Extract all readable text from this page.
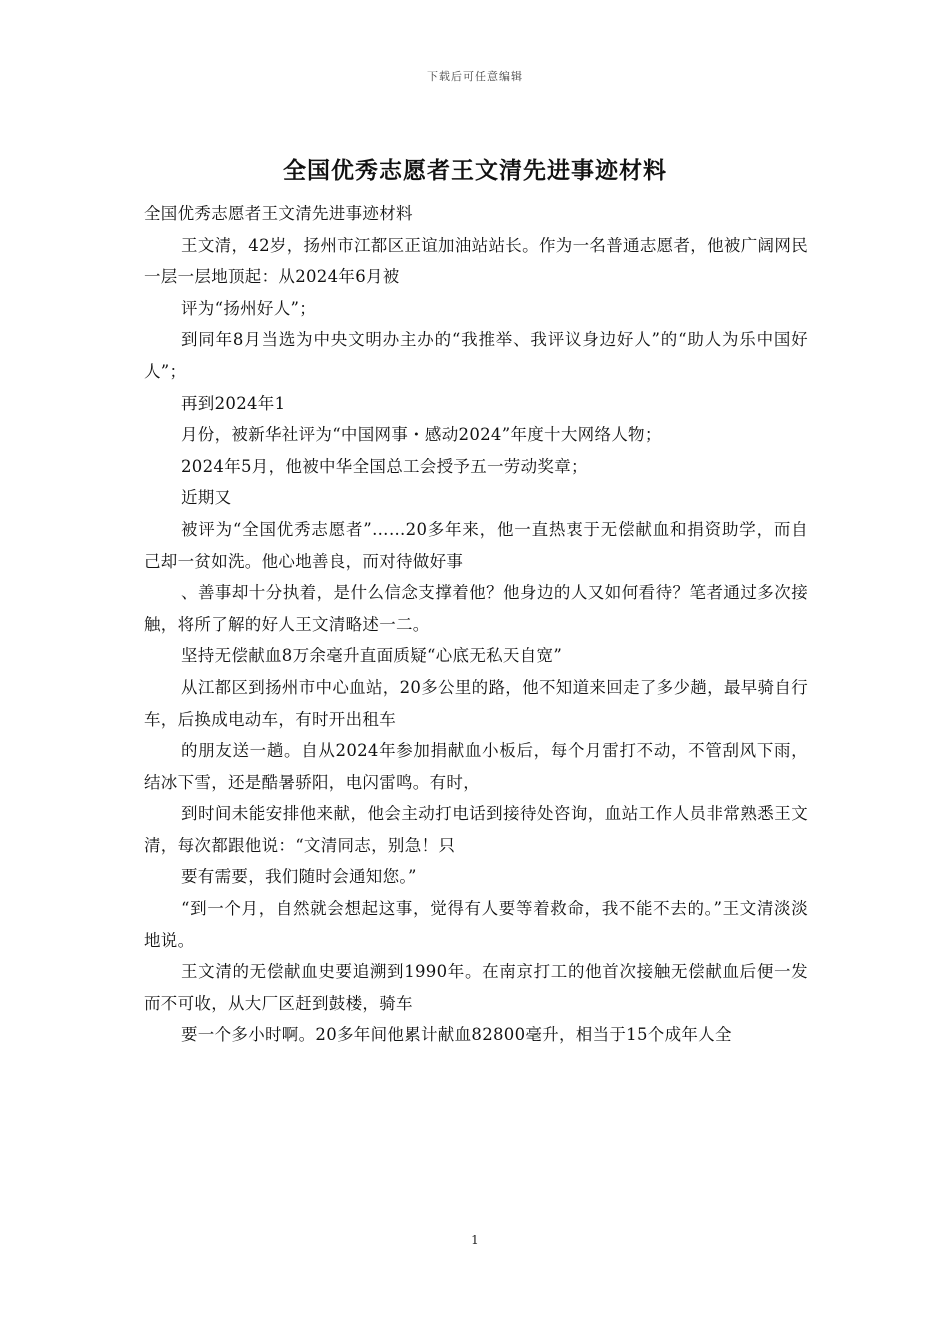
下载后可任意编辑
全国优秀志愿者王文清先进事迹材料

全国优秀志愿者王文清先进事迹材料

王文清，42岁，扬州市江都区正谊加油站站长。作为一名普通志愿者，他被广阔网民一层一层地顶起：从2024年6月被

评为“扬州好人”；

到同年8月当选为中央文明办主办的“我推举、我评议身边好人”的“助人为乐中国好人”；

再到2024年1

月份，被新华社评为“中国网事・感动2024”年度十大网络人物；

2024年5月，他被中华全国总工会授予五一劳动奖章；

近期又

被评为“全国优秀志愿者”……20多年来，他一直热衷于无偿献血和捐资助学，而自己却一贫如洗。他心地善良，而对待做好事

、善事却十分执着，是什么信念支撑着他？他身边的人又如何看待？笔者通过多次接触，将所了解的好人王文清略述一二。

坚持无偿献血8万余毫升直面质疑“心底无私天自宽”

从江都区到扬州市中心血站，20多公里的路，他不知道来回走了多少趟，最早骑自行车，后换成电动车，有时开出租车

的朋友送一趟。自从2024年参加捐献血小板后，每个月雷打不动，不管刮风下雨，结冰下雪，还是酷暑骄阳，电闪雷鸣。有时，

到时间未能安排他来献，他会主动打电话到接待处咨询，血站工作人员非常熟悉王文清，每次都跟他说：“文清同志，别急！只

要有需要，我们随时会通知您。”

“到一个月，自然就会想起这事，觉得有人要等着救命，我不能不去的。”王文清淡淡地说。

王文清的无偿献血史要追溯到1990年。在南京打工的他首次接触无偿献血后便一发而不可收，从大厂区赶到鼓楼，骑车

要一个多小时啊。20多年间他累计献血82800毫升，相当于15个成年人全

1
